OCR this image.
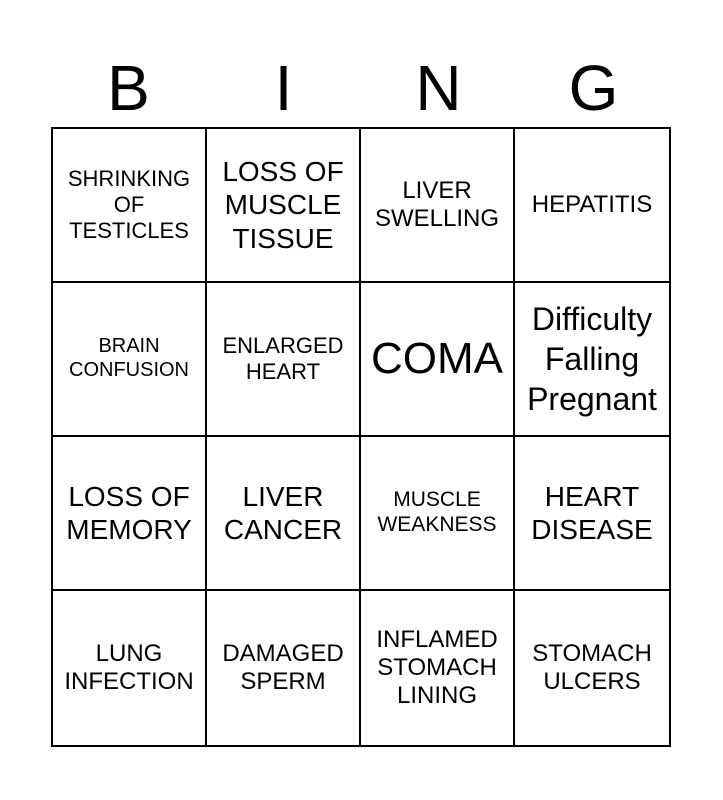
B	I	N	G
SHRINKING OF TESTICLES
LOSS OF MUSCLE TISSUE
LIVER SWELLING
HEPATITIS
BRAIN CONFUSION
ENLARGED HEART	COMA
Difficulty Falling Pregnant
LOSS OF MEMORY
LIVER CANCER
MUSCLE WEAKNESS
HEART DISEASE
LUNG INFECTION
DAMAGED SPERM
INFLAMED STOMACH LINING
STOMACH ULCERS
